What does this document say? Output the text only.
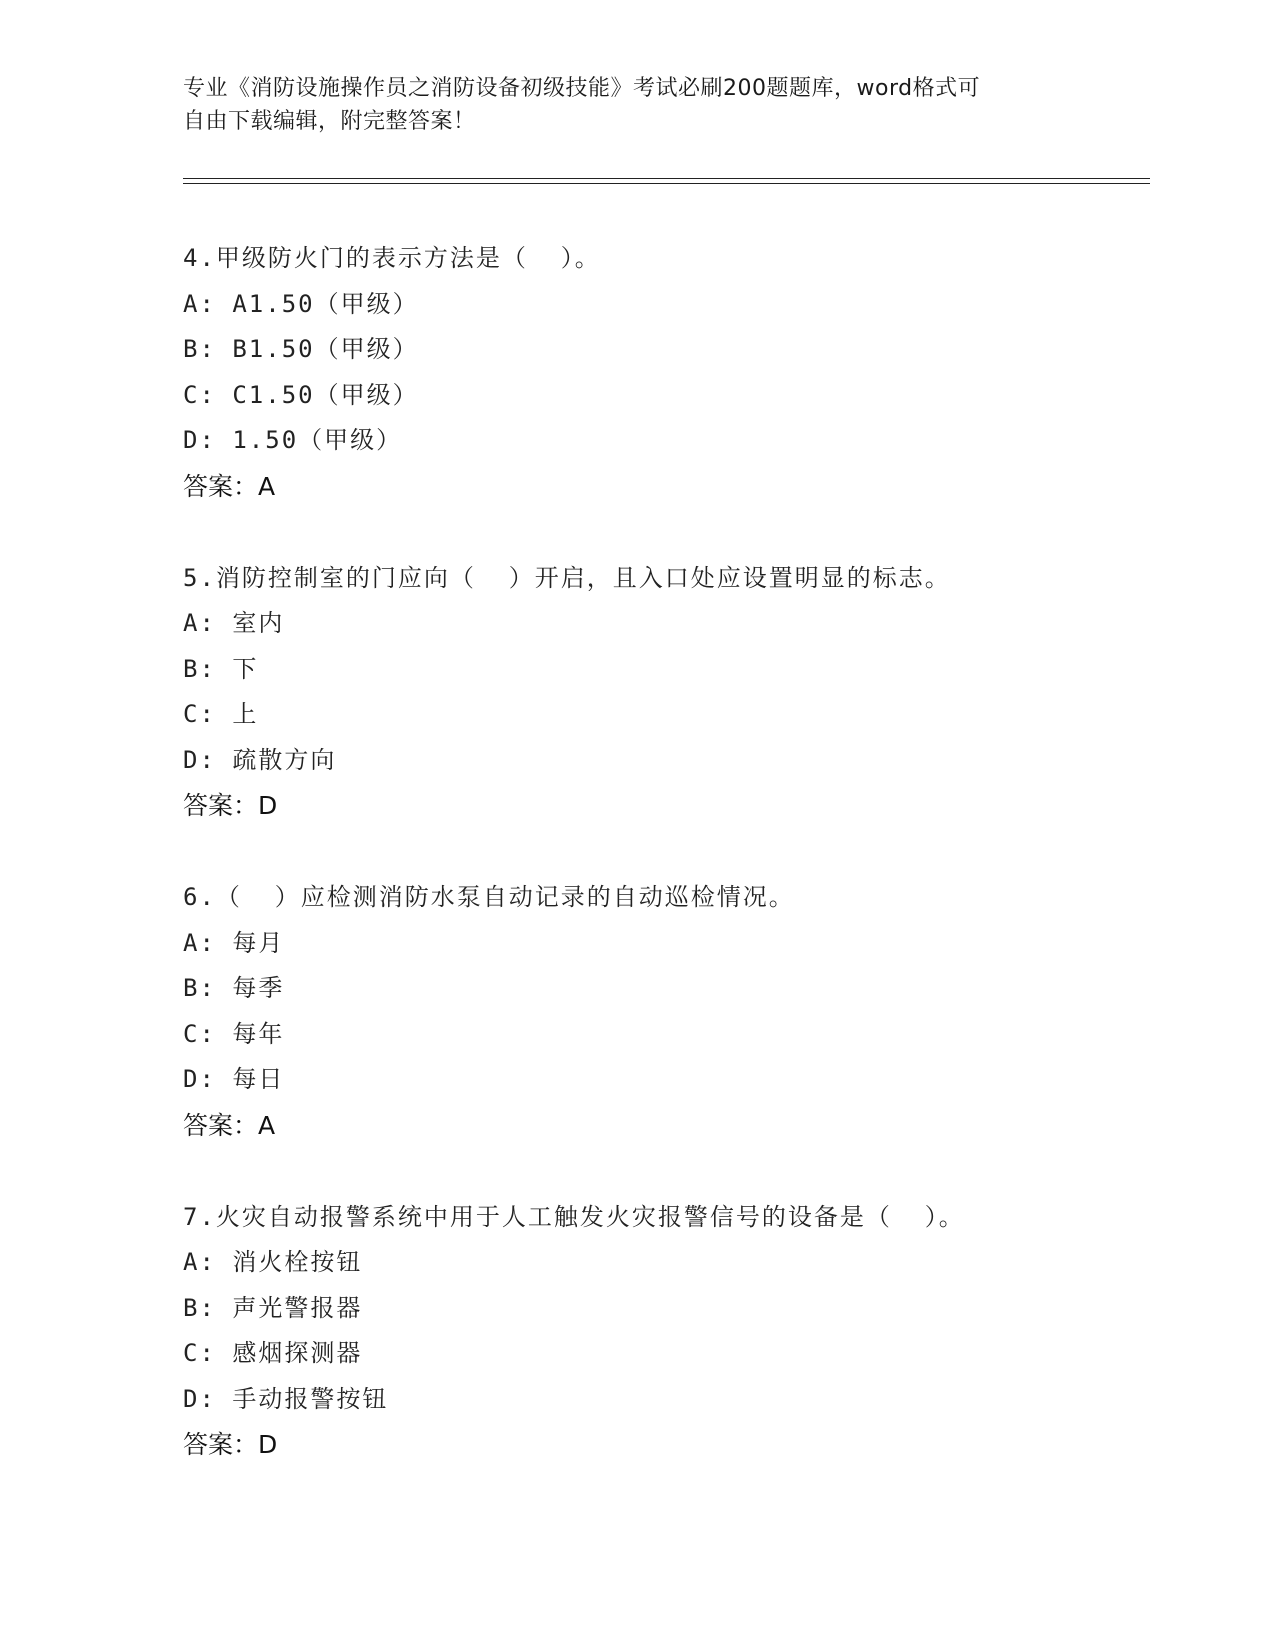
专业《消防设施操作员之消防设备初级技能》考试必刷200题题库，word格式可
自由下载编辑，附完整答案！
4.甲级防火门的表示方法是（  ）。
A: A1.50（甲级）
B: B1.50（甲级）
C: C1.50（甲级）
D: 1.50（甲级）
答案：A
5.消防控制室的门应向（  ）开启，且入口处应设置明显的标志。
A: 室内
B: 下
C: 上
D: 疏散方向
答案：D
6.（  ）应检测消防水泵自动记录的自动巡检情况。
A: 每月
B: 每季
C: 每年
D: 每日
答案：A
7.火灾自动报警系统中用于人工触发火灾报警信号的设备是（  ）。
A: 消火栓按钮
B: 声光警报器
C: 感烟探测器
D: 手动报警按钮
答案：D
